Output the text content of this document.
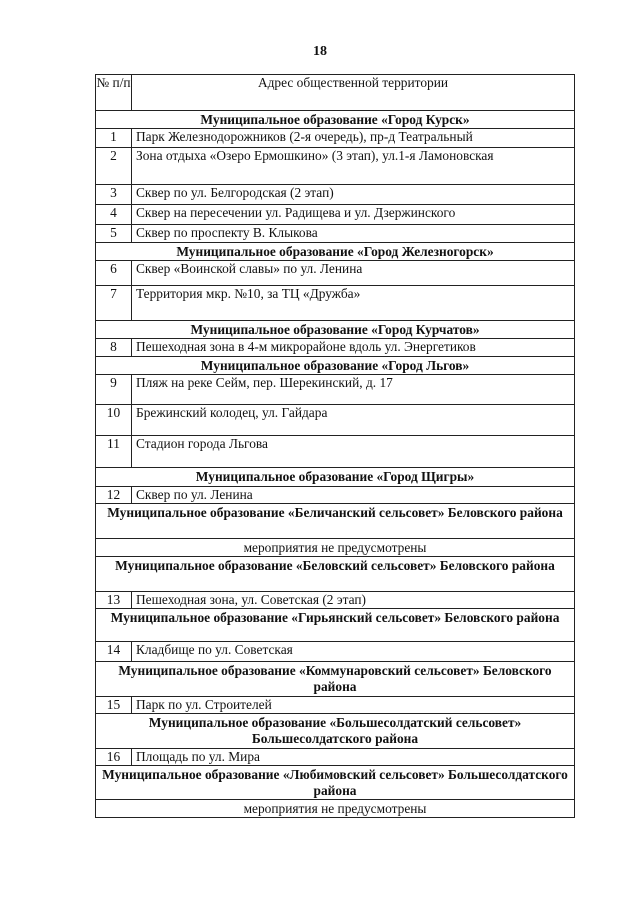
18
№ п/п	Адрес общественной территории
Муниципальное образование «Город Курск»	
1	Парк Железнодорожников (2-я очередь), пр-д Театральный
2	Зона отдыха «Озеро Ермошкино» (3 этап), ул.1-я Ламоновская
3	Сквер по ул. Белгородская (2 этап)
4	Сквер на пересечении ул. Радищева и ул. Дзержинского
5	Сквер по проспекту В. Клыкова
Муниципальное образование «Город Железногорск»	
6	Сквер «Воинской славы» по ул. Ленина
7	Территория мкр. №10, за ТЦ «Дружба»
Муниципальное образование «Город Курчатов»	
8	Пешеходная зона в 4-м микрорайоне вдоль ул. Энергетиков
Муниципальное образование «Город Льгов»	
9	Пляж на реке Сейм, пер. Шерекинский, д. 17
10	Брежинский колодец, ул. Гайдара
11	Стадион города Льгова
Муниципальное образование «Город Щигры»	
12	Сквер по ул. Ленина
Муниципальное образование «Беличанский сельсовет» Беловского района	
мероприятия не предусмотрены	
Муниципальное образование «Беловский сельсовет» Беловского района	
13	Пешеходная зона, ул. Советская (2 этап)
Муниципальное образование «Гирьянский сельсовет» Беловского района	
14	Кладбище по ул. Советская
Муниципальное образование «Коммунаровский сельсовет» Беловского района	
15	Парк по ул. Строителей
Муниципальное образование «Большесолдатский сельсовет» Большесолдатского района	
16	Площадь по ул. Мира
Муниципальное образование «Любимовский сельсовет» Большесолдатского района	
мероприятия не предусмотрены	
